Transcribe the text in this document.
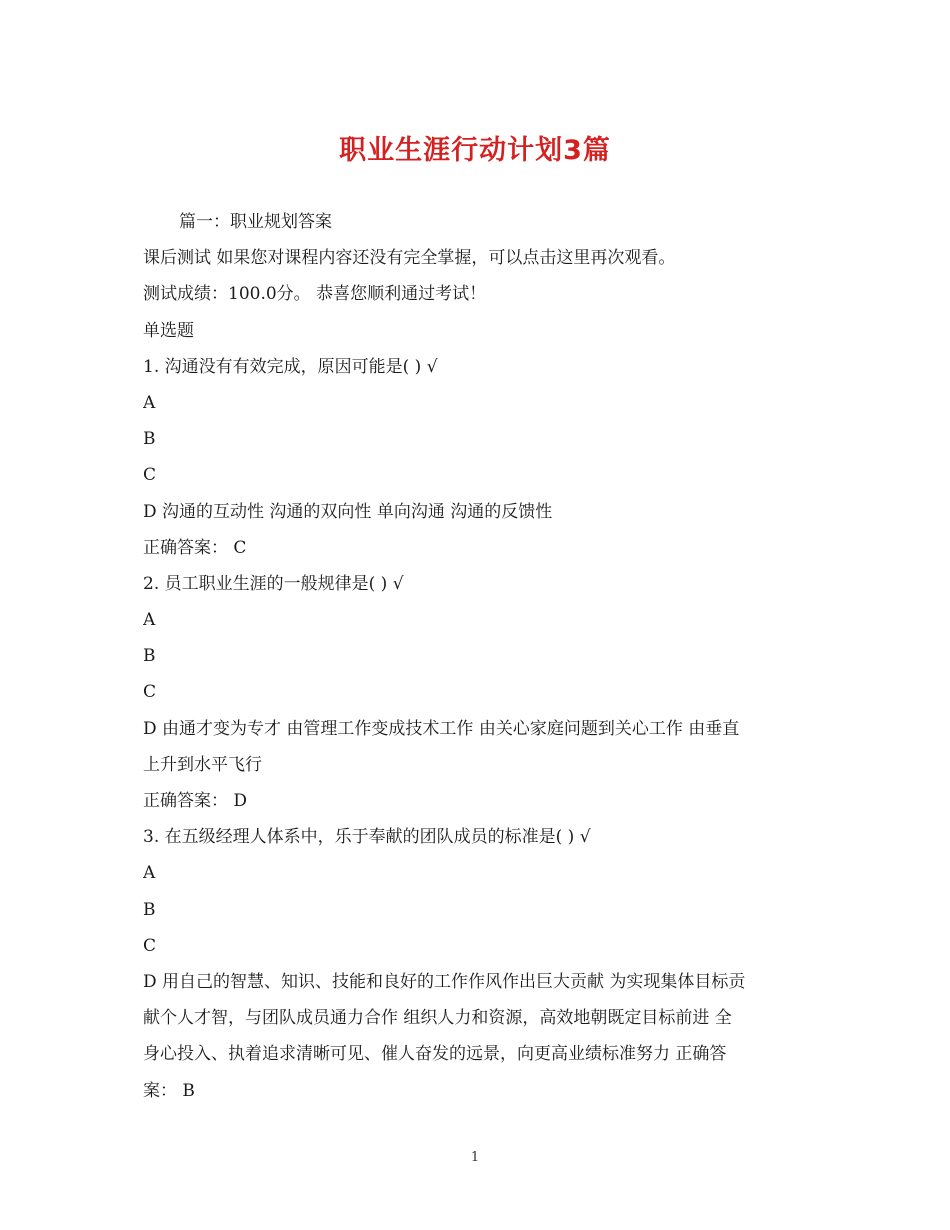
职业生涯行动计划3篇
篇一：职业规划答案
课后测试 如果您对课程内容还没有完全掌握，可以点击这里再次观看。
测试成绩：100.0分。 恭喜您顺利通过考试！
单选题
1. 沟通没有有效完成，原因可能是( ) √
A
B
C
D 沟通的互动性 沟通的双向性 单向沟通 沟通的反馈性
正确答案： C
2. 员工职业生涯的一般规律是( ) √
A
B
C
D 由通才变为专才 由管理工作变成技术工作 由关心家庭问题到关心工作 由垂直
上升到水平飞行
正确答案： D
3. 在五级经理人体系中，乐于奉献的团队成员的标准是( ) √
A
B
C
D 用自己的智慧、知识、技能和良好的工作作风作出巨大贡献 为实现集体目标贡
献个人才智，与团队成员通力合作 组织人力和资源，高效地朝既定目标前进 全
身心投入、执着追求清晰可见、催人奋发的远景，向更高业绩标准努力 正确答
案： B
1
